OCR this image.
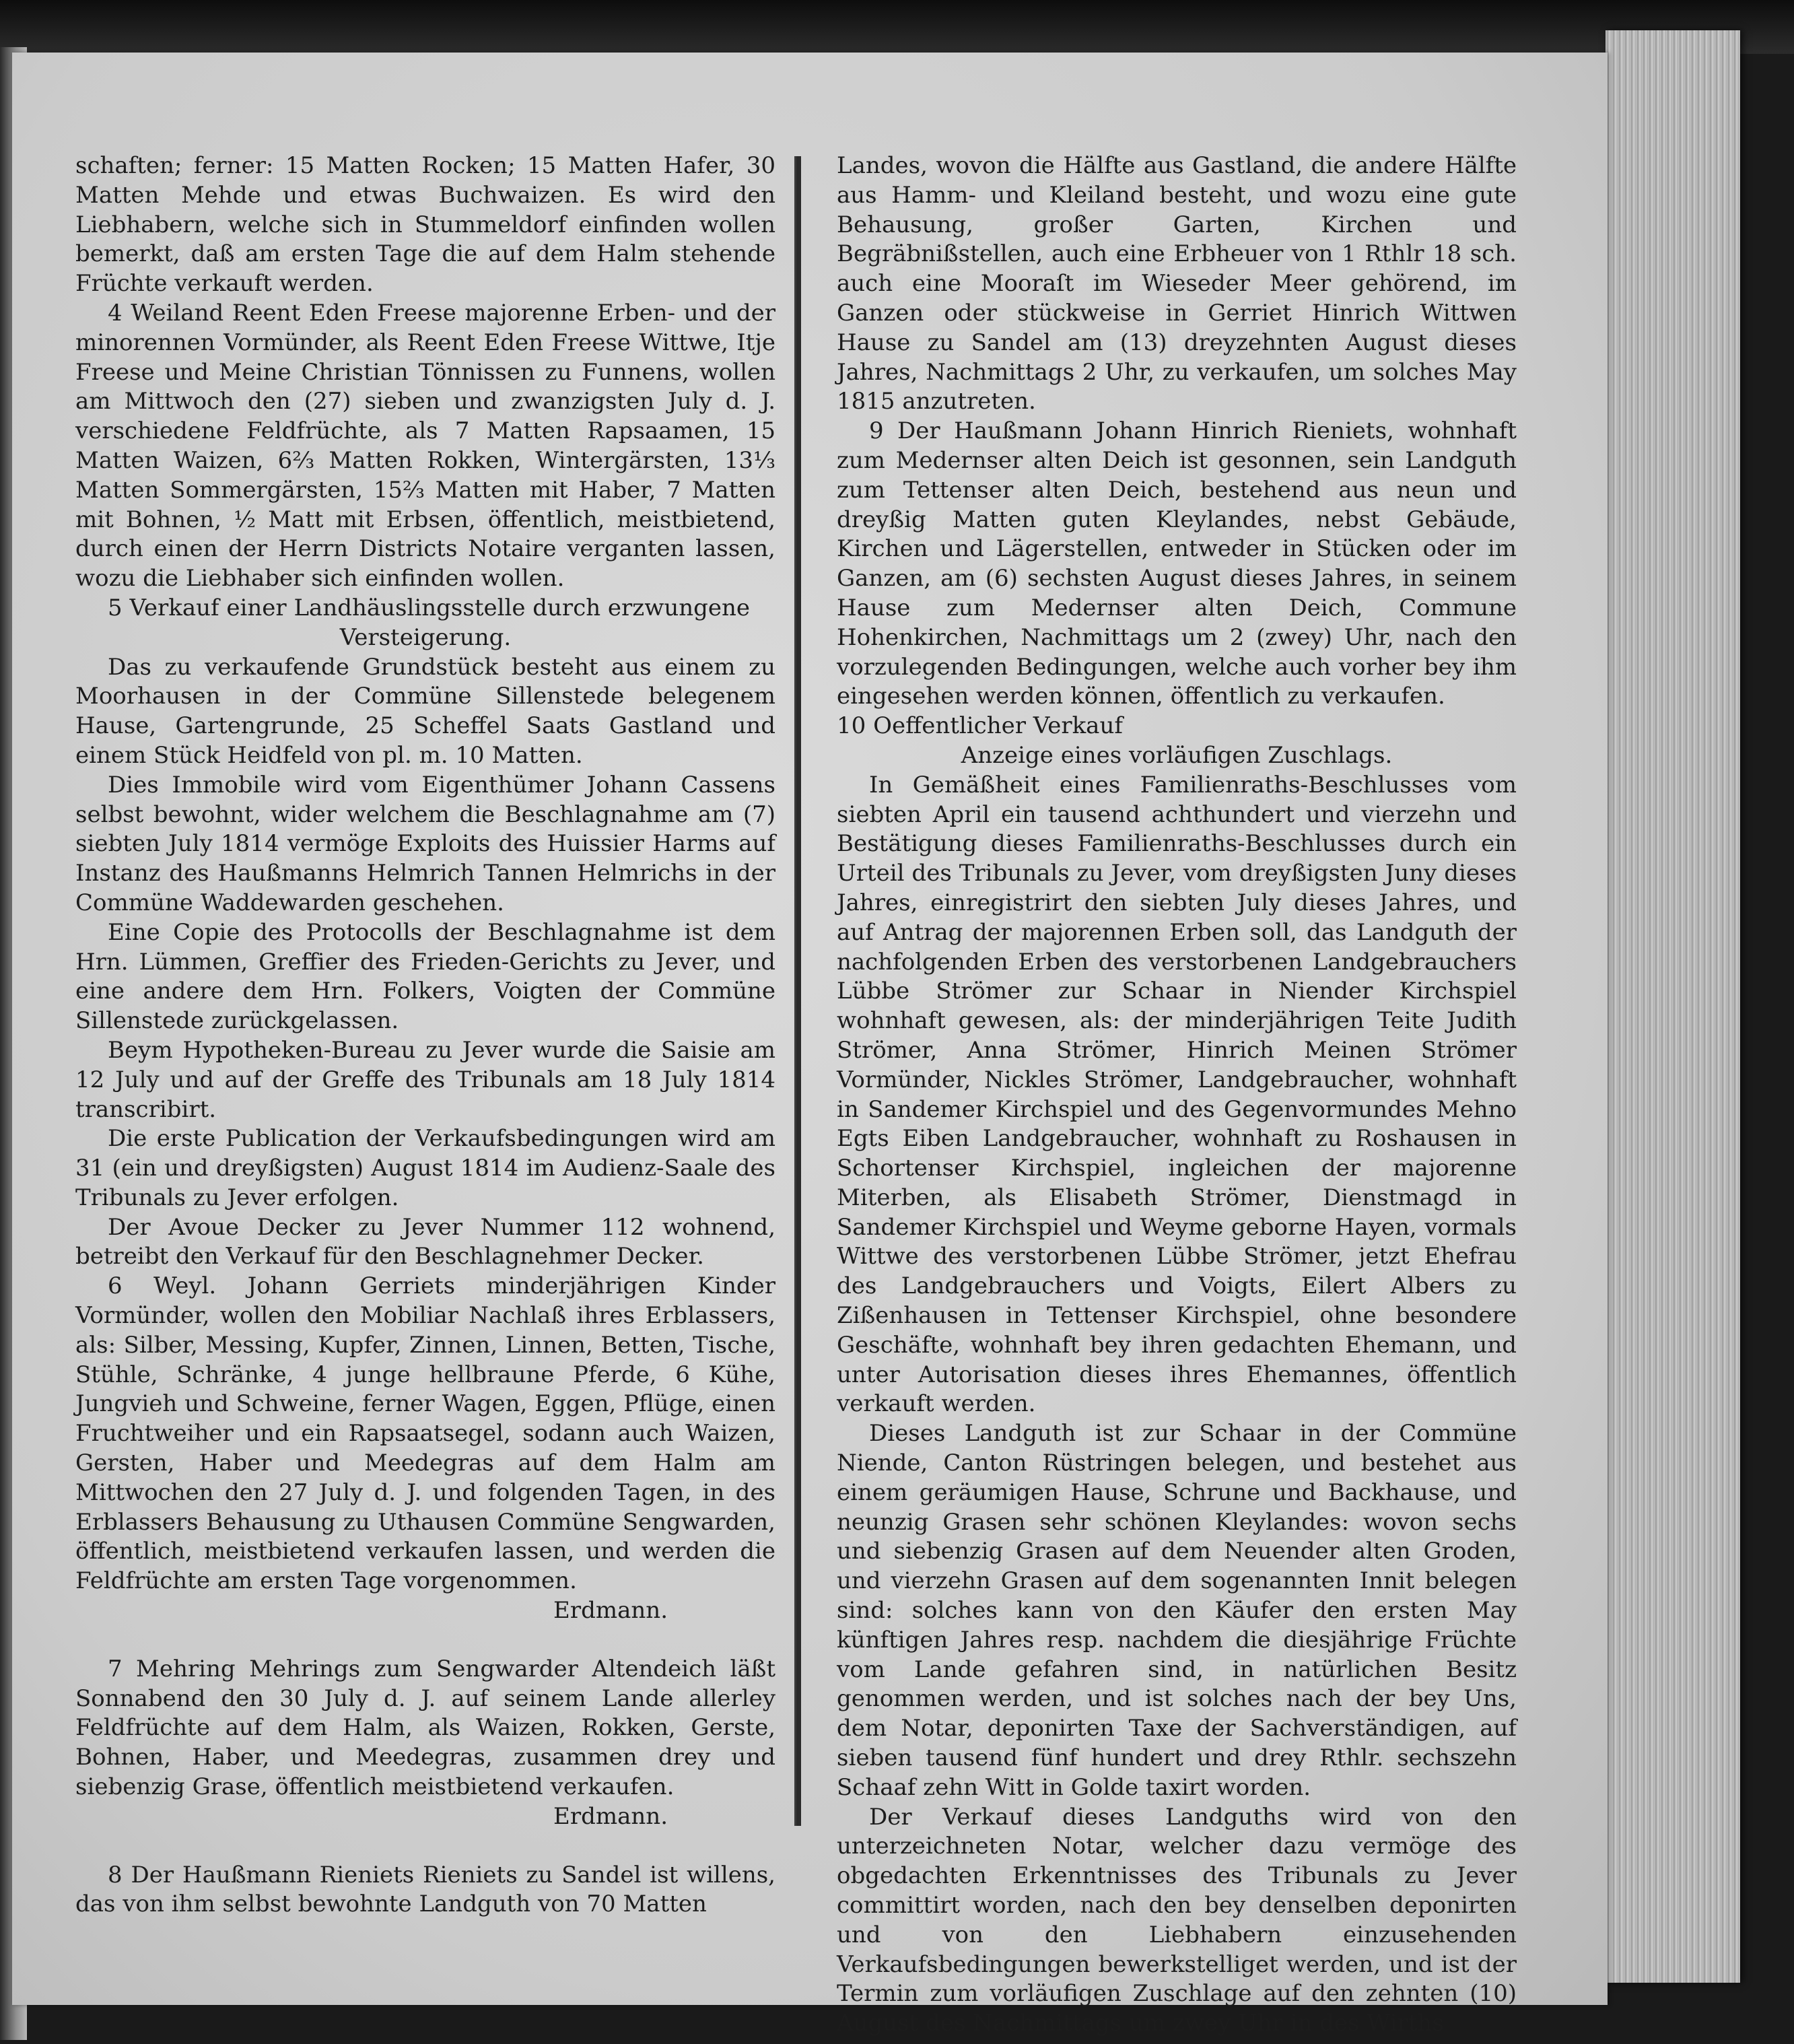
schaften; ferner: 15 Matten Rocken; 15 Matten Hafer, 30 Matten Mehde und etwas Buchwaizen. Es wird den Liebhabern, welche sich in Stummeldorf einfinden wollen bemerkt, daß am ersten Tage die auf dem Halm stehende Früchte verkauft werden.

4 Weiland Reent Eden Freese majorenne Erben- und der minorennen Vormünder, als Reent Eden Freese Wittwe, Itje Freese und Meine Christian Tönnissen zu Funnens, wollen am Mittwoch den (27) sieben und zwanzigsten July d. J. verschiedene Feldfrüchte, als 7 Matten Rapsaamen, 15 Matten Waizen, 6⅔ Matten Rokken, Wintergärsten, 13⅓ Matten Sommergärsten, 15⅔ Matten mit Haber, 7 Matten mit Bohnen, ½ Matt mit Erbsen, öffentlich, meistbietend, durch einen der Herrn Districts Notaire verganten lassen, wozu die Liebhaber sich einfinden wollen.

5 Verkauf einer Landhäuslingsstelle durch erzwungene

Versteigerung.

Das zu verkaufende Grundstück besteht aus einem zu Moorhausen in der Commüne Sillenstede belegenem Hause, Gartengrunde, 25 Scheffel Saats Gastland und einem Stück Heidfeld von pl. m. 10 Matten.

Dies Immobile wird vom Eigenthümer Johann Cassens selbst bewohnt, wider welchem die Beschlagnahme am (7) siebten July 1814 vermöge Exploits des Huissier Harms auf Instanz des Haußmanns Helmrich Tannen Helmrichs in der Commüne Waddewarden geschehen.

Eine Copie des Protocolls der Beschlagnahme ist dem Hrn. Lümmen, Greffier des Frieden-Gerichts zu Jever, und eine andere dem Hrn. Folkers, Voigten der Commüne Sillenstede zurückgelassen.

Beym Hypotheken-Bureau zu Jever wurde die Saisie am 12 July und auf der Greffe des Tribunals am 18 July 1814 transcribirt.

Die erste Publication der Verkaufsbedingungen wird am 31 (ein und dreyßigsten) August 1814 im Audienz-Saale des Tribunals zu Jever erfolgen.

Der Avoue Decker zu Jever Nummer 112 wohnend, betreibt den Verkauf für den Beschlagnehmer Decker.

6 Weyl. Johann Gerriets minderjährigen Kinder Vormünder, wollen den Mobiliar Nachlaß ihres Erblassers, als: Silber, Messing, Kupfer, Zinnen, Linnen, Betten, Tische, Stühle, Schränke, 4 junge hellbraune Pferde, 6 Kühe, Jungvieh und Schweine, ferner Wagen, Eggen, Pflüge, einen Fruchtweiher und ein Rapsaatsegel, sodann auch Waizen, Gersten, Haber und Meedegras auf dem Halm am Mittwochen den 27 July d. J. und folgenden Tagen, in des Erblassers Behausung zu Uthausen Commüne Sengwarden, öffentlich, meistbietend verkaufen lassen, und werden die Feldfrüchte am ersten Tage vorgenommen.

Erdmann.

7 Mehring Mehrings zum Sengwarder Altendeich läßt Sonnabend den 30 July d. J. auf seinem Lande allerley Feldfrüchte auf dem Halm, als Waizen, Rokken, Gerste, Bohnen, Haber, und Meedegras, zusammen drey und siebenzig Grase, öffentlich meistbietend verkaufen.

Erdmann.

8 Der Haußmann Rieniets Rieniets zu Sandel ist willens, das von ihm selbst bewohnte Landguth von 70 Matten

Landes, wovon die Hälfte aus Gastland, die andere Hälfte aus Hamm- und Kleiland besteht, und wozu eine gute Behausung, großer Garten, Kirchen und Begräbnißstellen, auch eine Erbheuer von 1 Rthlr 18 sch. auch eine Mooraſt im Wieseder Meer gehörend, im Ganzen oder stückweise in Gerriet Hinrich Wittwen Hause zu Sandel am (13) dreyzehnten August dieses Jahres, Nachmittags 2 Uhr, zu verkaufen, um solches May 1815 anzutreten.

9 Der Haußmann Johann Hinrich Rieniets, wohnhaft zum Medernser alten Deich ist gesonnen, sein Landguth zum Tettenser alten Deich, bestehend aus neun und dreyßig Matten guten Kleylandes, nebst Gebäude, Kirchen und Lägerstellen, entweder in Stücken oder im Ganzen, am (6) sechsten August dieses Jahres, in seinem Hause zum Medernser alten Deich, Commune Hohenkirchen, Nachmittags um 2 (zwey) Uhr, nach den vorzulegenden Bedingungen, welche auch vorher bey ihm eingesehen werden können, öffentlich zu verkaufen.

10 Oeffentlicher Verkauf

Anzeige eines vorläufigen Zuschlags.

In Gemäßheit eines Familienraths-Beschlusses vom siebten April ein tausend achthundert und vierzehn und Bestätigung dieses Familienraths-Beschlusses durch ein Urteil des Tribunals zu Jever, vom dreyßigsten Juny dieses Jahres, einregistrirt den siebten July dieses Jahres, und auf Antrag der majorennen Erben soll, das Landguth der nachfolgenden Erben des verstorbenen Landgebrauchers Lübbe Strömer zur Schaar in Niender Kirchspiel wohnhaft gewesen, als: der minderjährigen Teite Judith Strömer, Anna Strömer, Hinrich Meinen Strömer Vormünder, Nickles Strömer, Landgebraucher, wohnhaft in Sandemer Kirchspiel und des Gegenvormundes Mehno Egts Eiben Landgebraucher, wohnhaft zu Roshausen in Schortenser Kirchspiel, ingleichen der majorenne Miterben, als Elisabeth Strömer, Dienstmagd in Sandemer Kirchspiel und Weyme geborne Hayen, vormals Wittwe des verstorbenen Lübbe Strömer, jetzt Ehefrau des Landgebrauchers und Voigts, Eilert Albers zu Zißenhausen in Tettenser Kirchspiel, ohne besondere Geschäfte, wohnhaft bey ihren gedachten Ehemann, und unter Autorisation dieses ihres Ehemannes, öffentlich verkauft werden.

Dieses Landguth ist zur Schaar in der Commüne Niende, Canton Rüstringen belegen, und bestehet aus einem geräumigen Hause, Schrune und Backhause, und neunzig Grasen sehr schönen Kleylandes: wovon sechs und siebenzig Grasen auf dem Neuender alten Groden, und vierzehn Grasen auf dem sogenannten Innit belegen sind: solches kann von den Käufer den ersten May künftigen Jahres resp. nachdem die diesjährige Früchte vom Lande gefahren sind, in natürlichen Besitz genommen werden, und ist solches nach der bey Uns, dem Notar, deponirten Taxe der Sachverständigen, auf sieben tausend fünf hundert und drey Rthlr. sechszehn Schaaf zehn Witt in Golde taxirt worden.

Der Verkauf dieses Landguths wird von den unterzeichneten Notar, welcher dazu vermöge des obgedachten Erkenntnisses des Tribunals zu Jever committirt worden, nach den bey denselben deponirten und von den Liebhabern einzusehenden Verkaufsbedingungen bewerkstelliget werden, und ist der Termin zum vorläufigen Zuschlage auf den zehnten (10) August des Nachmittags um zwey Uhr in des Wirths
